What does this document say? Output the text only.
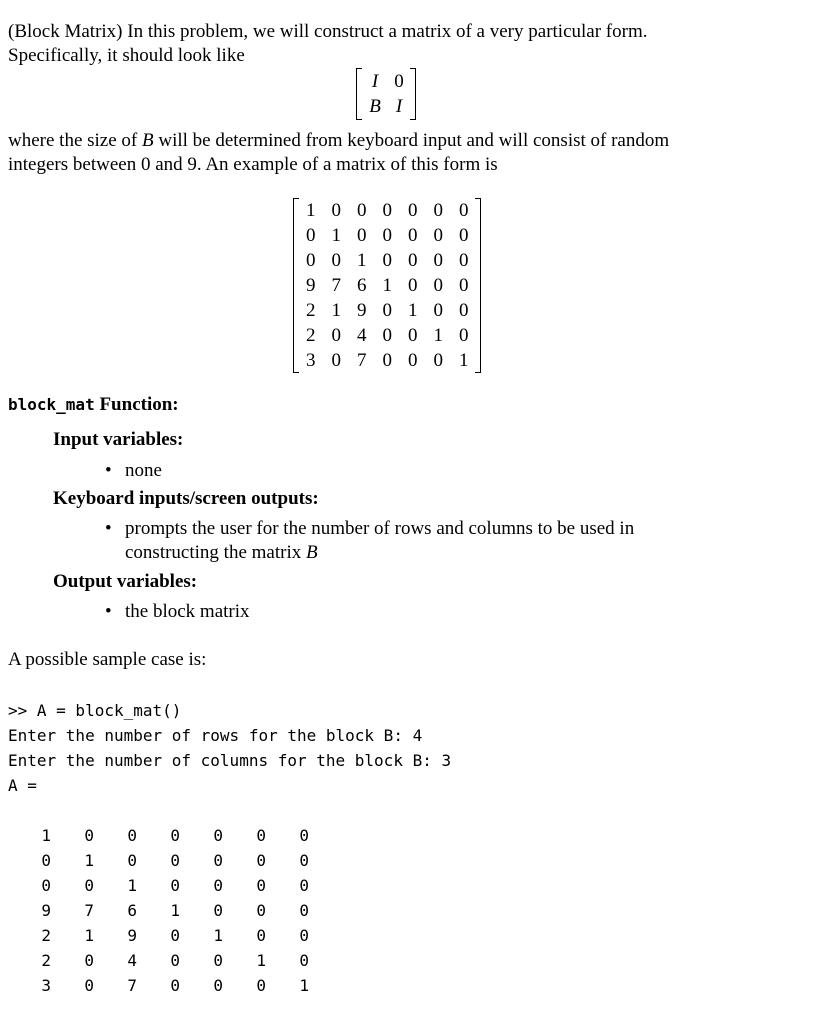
(Block Matrix) In this problem, we will construct a matrix of a very particular form.

Specifically, it should look like

I 0
B I

where the size of B will be determined from keyboard input and will consist of random

integers between 0 and 9. An example of a matrix of this form is

1 0 0 0 0 0 0
0 1 0 0 0 0 0
0 0 1 0 0 0 0
9 7 6 1 0 0 0
2 1 9 0 1 0 0
2 0 4 0 0 1 0
3 0 7 0 0 0 1
block_mat Function:
Input variables:
• none
Keyboard inputs/screen outputs:
• prompts the user for the number of rows and columns to be used in
constructing the matrix B
Output variables:
• the block matrix

A possible sample case is:

>> A = block_mat()
Enter the number of rows for the block B: 4
Enter the number of columns for the block B: 3
A =
1	0	0	0	0	0	0
0	1	0	0	0	0	0
0	0	1	0	0	0	0
9	7	6	1	0	0	0
2	1	9	0	1	0	0
2	0	4	0	0	1	0
3	0	7	0	0	0	1
